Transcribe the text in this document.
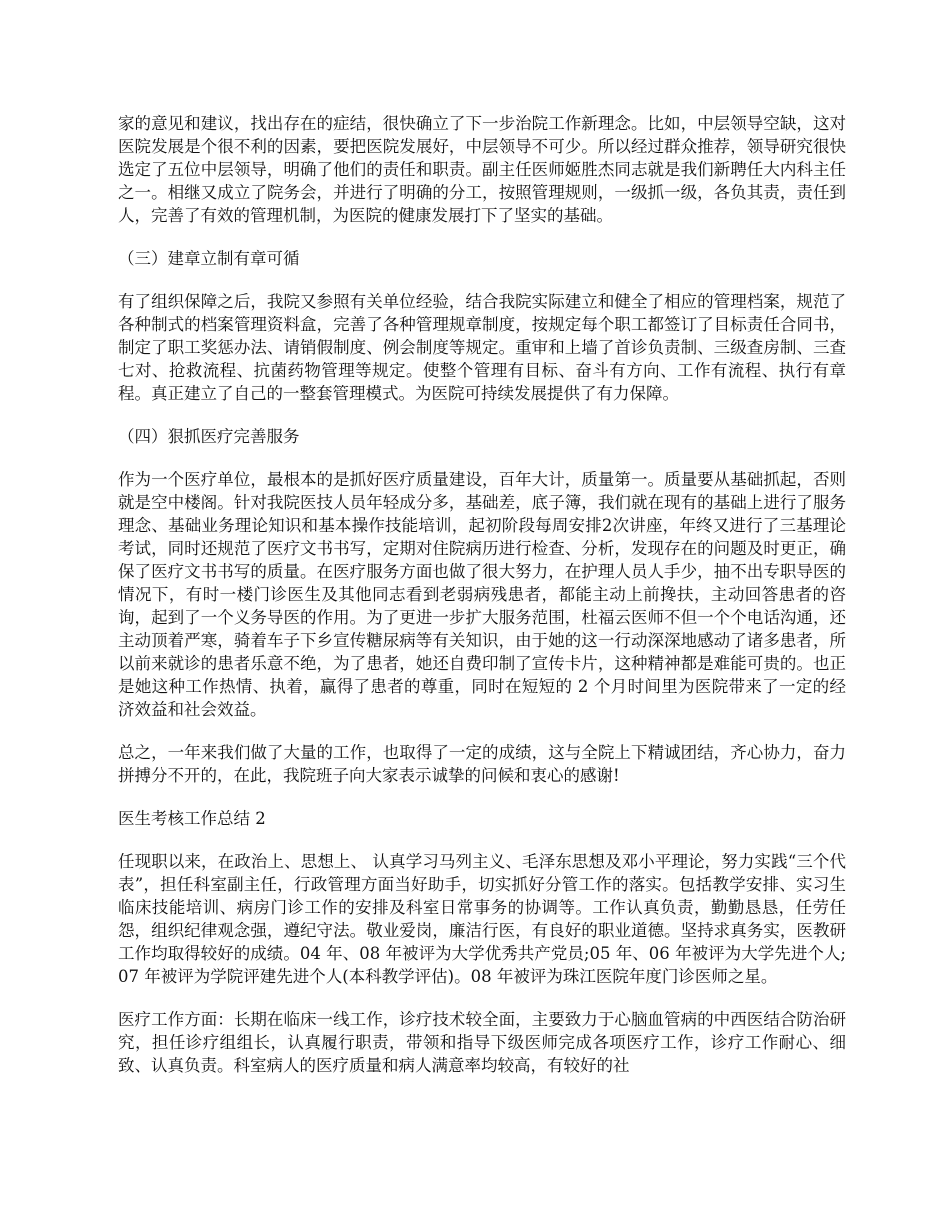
家的意见和建议，找出存在的症结，很快确立了下一步治院工作新理念。比如，中层领导空缺，这对医院发展是个很不利的因素，要把医院发展好，中层领导不可少。所以经过群众推荐，领导研究很快选定了五位中层领导，明确了他们的责任和职责。副主任医师姬胜杰同志就是我们新聘任大内科主任之一。相继又成立了院务会，并进行了明确的分工，按照管理规则，一级抓一级，各负其责，责任到人，完善了有效的管理机制，为医院的健康发展打下了坚实的基础。

（三）建章立制有章可循

有了组织保障之后，我院又参照有关单位经验，结合我院实际建立和健全了相应的管理档案，规范了各种制式的档案管理资料盒，完善了各种管理规章制度，按规定每个职工都签订了目标责任合同书，制定了职工奖惩办法、请销假制度、例会制度等规定。重审和上墙了首诊负责制、三级查房制、三查七对、抢救流程、抗菌药物管理等规定。使整个管理有目标、奋斗有方向、工作有流程、执行有章程。真正建立了自己的一整套管理模式。为医院可持续发展提供了有力保障。

（四）狠抓医疗完善服务

作为一个医疗单位，最根本的是抓好医疗质量建设，百年大计，质量第一。质量要从基础抓起，否则就是空中楼阁。针对我院医技人员年轻成分多，基础差，底子簿，我们就在现有的基础上进行了服务理念、基础业务理论知识和基本操作技能培训，起初阶段每周安排2次讲座，年终又进行了三基理论考试，同时还规范了医疗文书书写，定期对住院病历进行检查、分析，发现存在的问题及时更正，确保了医疗文书书写的质量。在医疗服务方面也做了很大努力，在护理人员人手少，抽不出专职导医的情况下，有时一楼门诊医生及其他同志看到老弱病残患者，都能主动上前搀扶，主动回答患者的咨询，起到了一个义务导医的作用。为了更进一步扩大服务范围，杜福云医师不但一个个电话沟通，还主动顶着严寒，骑着车子下乡宣传糖尿病等有关知识，由于她的这一行动深深地感动了诸多患者，所以前来就诊的患者乐意不绝，为了患者，她还自费印制了宣传卡片，这种精神都是难能可贵的。也正是她这种工作热情、执着，赢得了患者的尊重，同时在短短的 2 个月时间里为医院带来了一定的经济效益和社会效益。

总之，一年来我们做了大量的工作，也取得了一定的成绩，这与全院上下精诚团结，齐心协力，奋力拼搏分不开的，在此，我院班子向大家表示诚挚的问候和衷心的感谢!

医生考核工作总结 2

任现职以来，在政治上、思想上、 认真学习马列主义、毛泽东思想及邓小平理论，努力实践“三个代表”，担任科室副主任，行政管理方面当好助手，切实抓好分管工作的落实。包括教学安排、实习生临床技能培训、病房门诊工作的安排及科室日常事务的协调等。工作认真负责，勤勤恳恳，任劳任怨，组织纪律观念强，遵纪守法。敬业爱岗，廉洁行医，有良好的职业道德。坚持求真务实，医教研工作均取得较好的成绩。04 年、08 年被评为大学优秀共产党员;05 年、06 年被评为大学先进个人;07 年被评为学院评建先进个人(本科教学评估)。08 年被评为珠江医院年度门诊医师之星。

医疗工作方面：长期在临床一线工作，诊疗技术较全面，主要致力于心脑血管病的中西医结合防治研究，担任诊疗组组长，认真履行职责，带领和指导下级医师完成各项医疗工作，诊疗工作耐心、细致、认真负责。科室病人的医疗质量和病人满意率均较高，有较好的社
